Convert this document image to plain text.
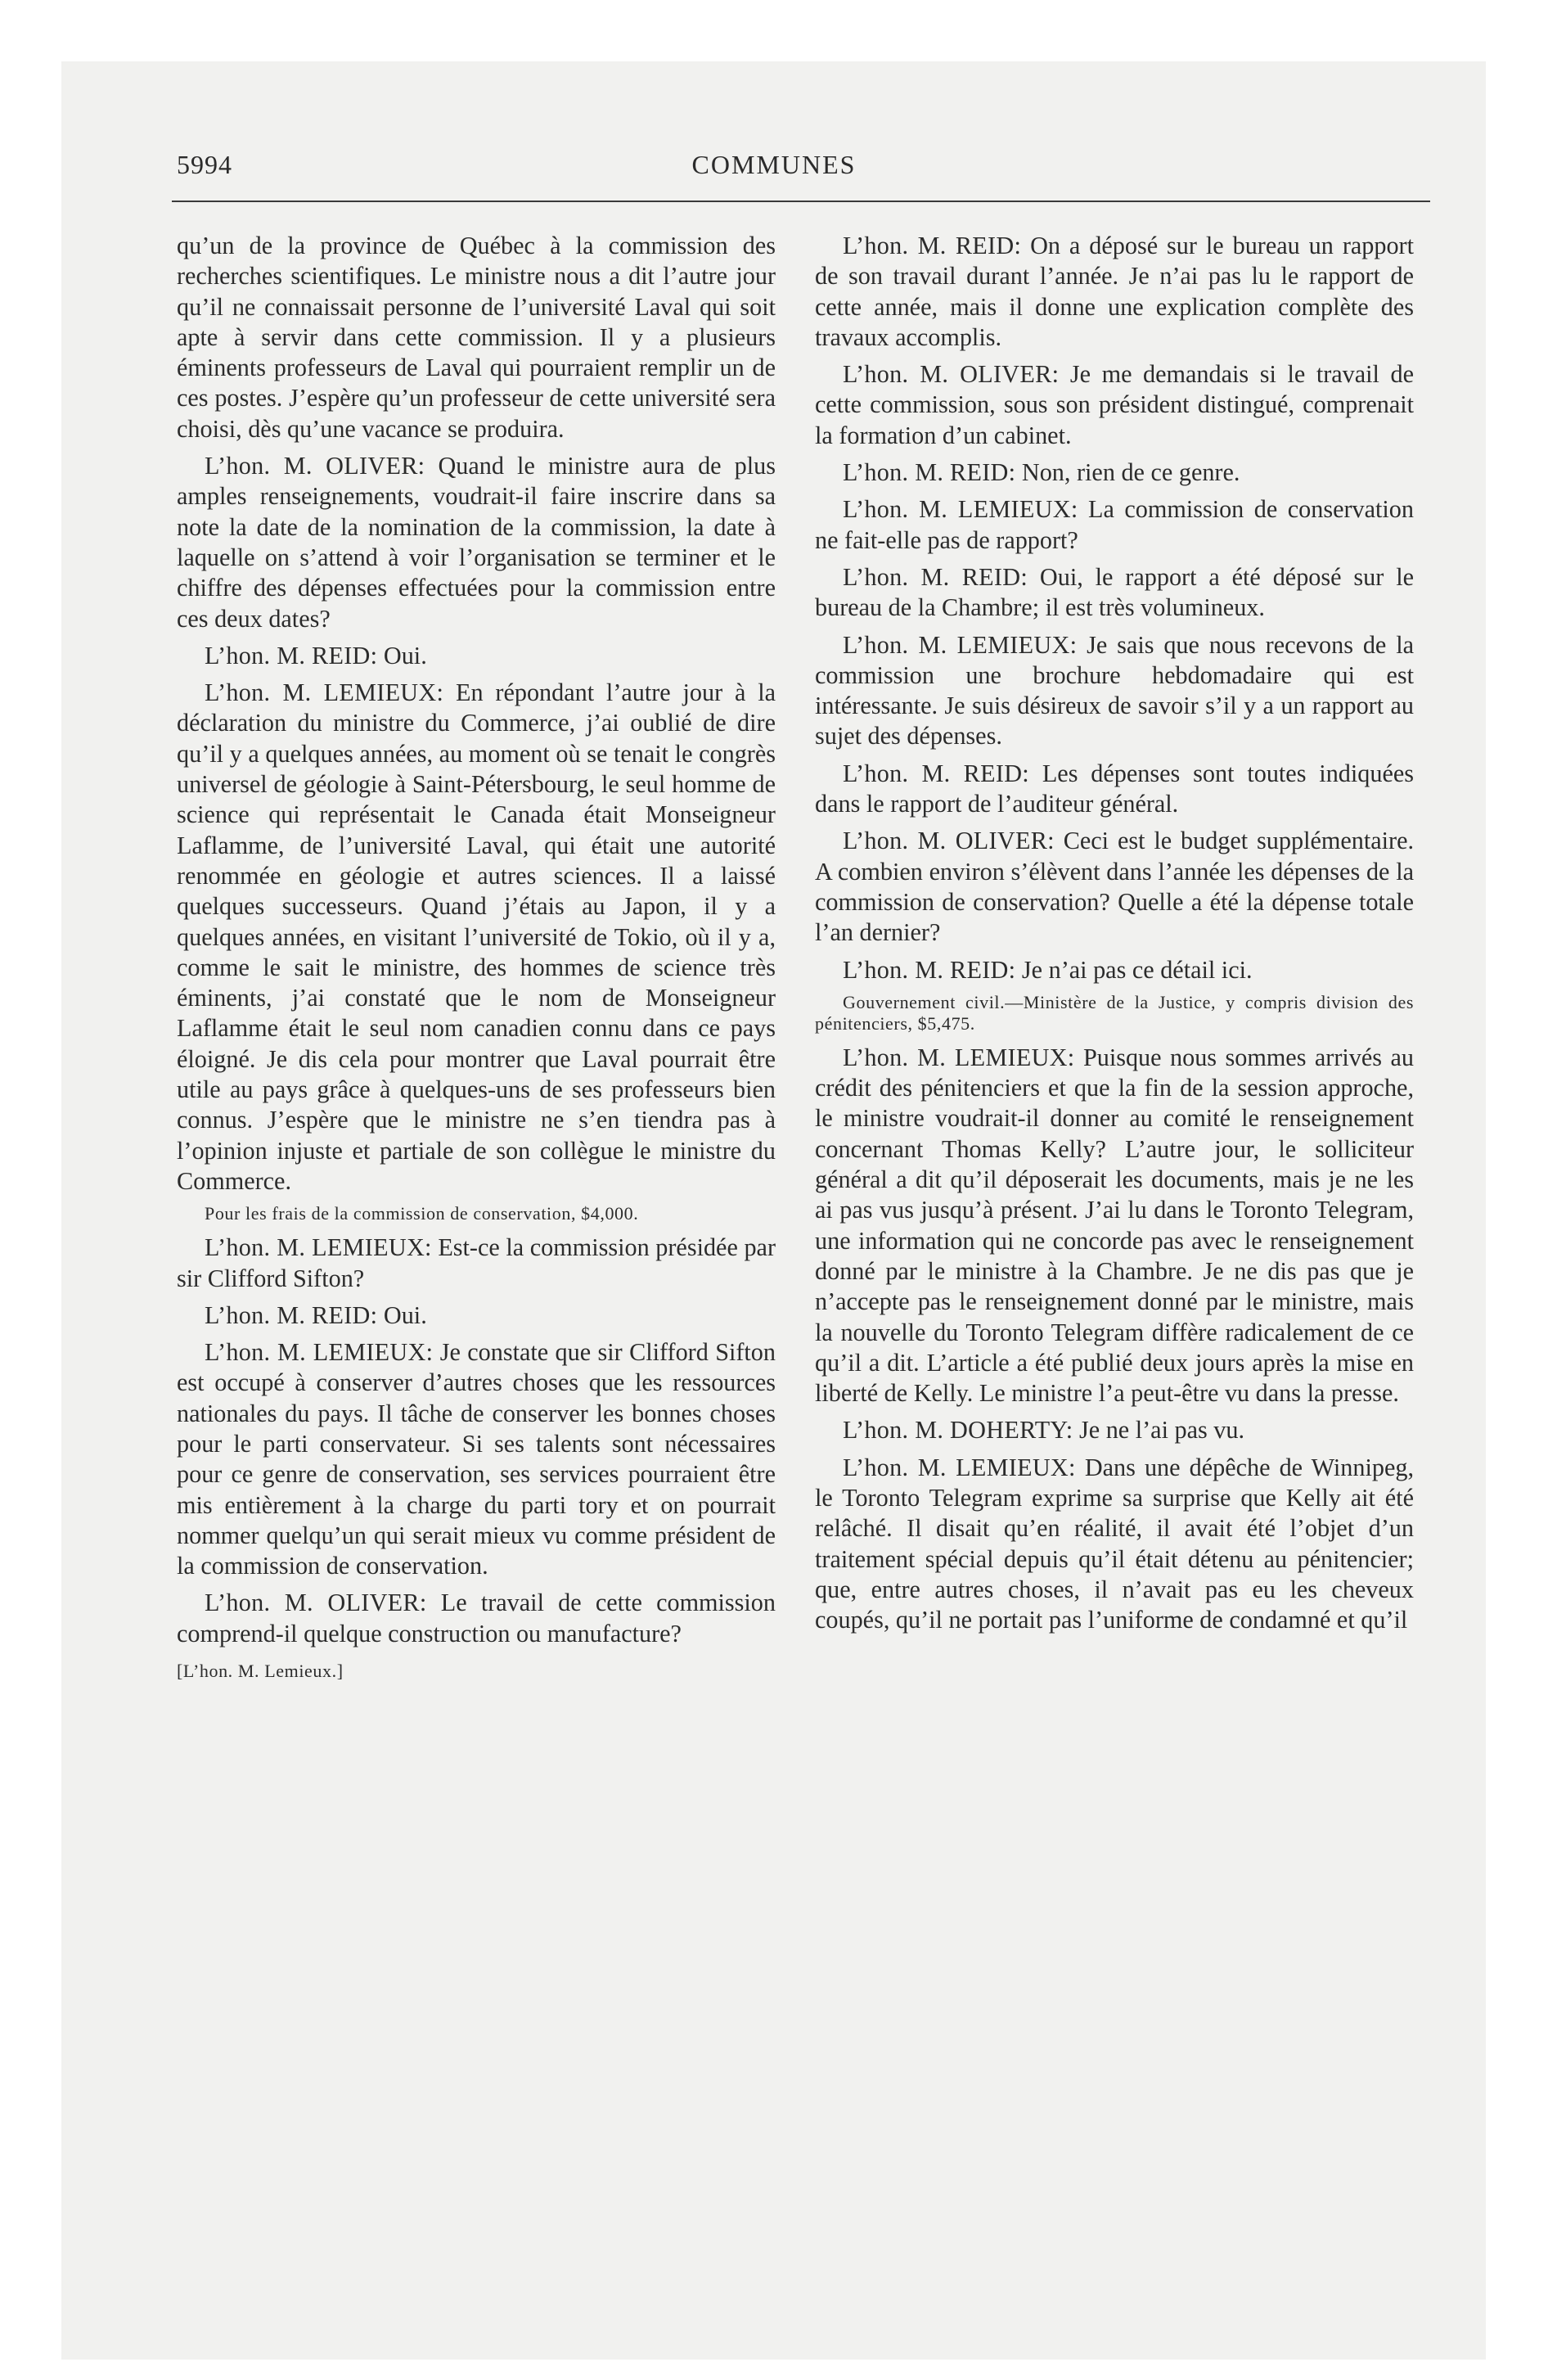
5994	COMMUNES

qu’un de la province de Québec à la commission des recherches scientifiques. Le ministre nous a dit l’autre jour qu’il ne connaissait personne de l’université Laval qui soit apte à servir dans cette commission. Il y a plusieurs éminents professeurs de Laval qui pourraient remplir un de ces postes. J’espère qu’un professeur de cette université sera choisi, dès qu’une vacance se produira.

L’hon. M. OLIVER: Quand le ministre aura de plus amples renseignements, voudrait-il faire inscrire dans sa note la date de la nomination de la commission, la date à laquelle on s’attend à voir l’organisation se terminer et le chiffre des dépenses effectuées pour la commission entre ces deux dates?

L’hon. M. REID: Oui.

L’hon. M. LEMIEUX: En répondant l’autre jour à la déclaration du ministre du Commerce, j’ai oublié de dire qu’il y a quelques années, au moment où se tenait le congrès universel de géologie à Saint-Pétersbourg, le seul homme de science qui représentait le Canada était Monseigneur Laflamme, de l’université Laval, qui était une autorité renommée en géologie et autres sciences. Il a laissé quelques successeurs. Quand j’étais au Japon, il y a quelques années, en visitant l’université de Tokio, où il y a, comme le sait le ministre, des hommes de science très éminents, j’ai constaté que le nom de Monseigneur Laflamme était le seul nom canadien connu dans ce pays éloigné. Je dis cela pour montrer que Laval pourrait être utile au pays grâce à quelques-uns de ses professeurs bien connus. J’espère que le ministre ne s’en tiendra pas à l’opinion injuste et partiale de son collègue le ministre du Commerce.

Pour les frais de la commission de conservation, $4,000.

L’hon. M. LEMIEUX: Est-ce la commission présidée par sir Clifford Sifton?

L’hon. M. REID: Oui.

L’hon. M. LEMIEUX: Je constate que sir Clifford Sifton est occupé à conserver d’autres choses que les ressources nationales du pays. Il tâche de conserver les bonnes choses pour le parti conservateur. Si ses talents sont nécessaires pour ce genre de conservation, ses services pourraient être mis entièrement à la charge du parti tory et on pourrait nommer quelqu’un qui serait mieux vu comme président de la commission de conservation.

L’hon. M. OLIVER: Le travail de cette commission comprend-il quelque construction ou manufacture?

[L’hon. M. Lemieux.]

L’hon. M. REID: On a déposé sur le bureau un rapport de son travail durant l’année. Je n’ai pas lu le rapport de cette année, mais il donne une explication complète des travaux accomplis.

L’hon. M. OLIVER: Je me demandais si le travail de cette commission, sous son président distingué, comprenait la formation d’un cabinet.

L’hon. M. REID: Non, rien de ce genre.

L’hon. M. LEMIEUX: La commission de conservation ne fait-elle pas de rapport?

L’hon. M. REID: Oui, le rapport a été déposé sur le bureau de la Chambre; il est très volumineux.

L’hon. M. LEMIEUX: Je sais que nous recevons de la commission une brochure hebdomadaire qui est intéressante. Je suis désireux de savoir s’il y a un rapport au sujet des dépenses.

L’hon. M. REID: Les dépenses sont toutes indiquées dans le rapport de l’auditeur général.

L’hon. M. OLIVER: Ceci est le budget supplémentaire. A combien environ s’élèvent dans l’année les dépenses de la commission de conservation? Quelle a été la dépense totale l’an dernier?

L’hon. M. REID: Je n’ai pas ce détail ici.

Gouvernement civil.—Ministère de la Justice, y compris division des pénitenciers, $5,475.

L’hon. M. LEMIEUX: Puisque nous sommes arrivés au crédit des pénitenciers et que la fin de la session approche, le ministre voudrait-il donner au comité le renseignement concernant Thomas Kelly? L’autre jour, le solliciteur général a dit qu’il déposerait les documents, mais je ne les ai pas vus jusqu’à présent. J’ai lu dans le Toronto Telegram, une information qui ne concorde pas avec le renseignement donné par le ministre à la Chambre. Je ne dis pas que je n’accepte pas le renseignement donné par le ministre, mais la nouvelle du Toronto Telegram diffère radicalement de ce qu’il a dit. L’article a été publié deux jours après la mise en liberté de Kelly. Le ministre l’a peut-être vu dans la presse.

L’hon. M. DOHERTY: Je ne l’ai pas vu.

L’hon. M. LEMIEUX: Dans une dépêche de Winnipeg, le Toronto Telegram exprime sa surprise que Kelly ait été relâché. Il disait qu’en réalité, il avait été l’objet d’un traitement spécial depuis qu’il était détenu au pénitencier; que, entre autres choses, il n’avait pas eu les cheveux coupés, qu’il ne portait pas l’uniforme de condamné et qu’il
